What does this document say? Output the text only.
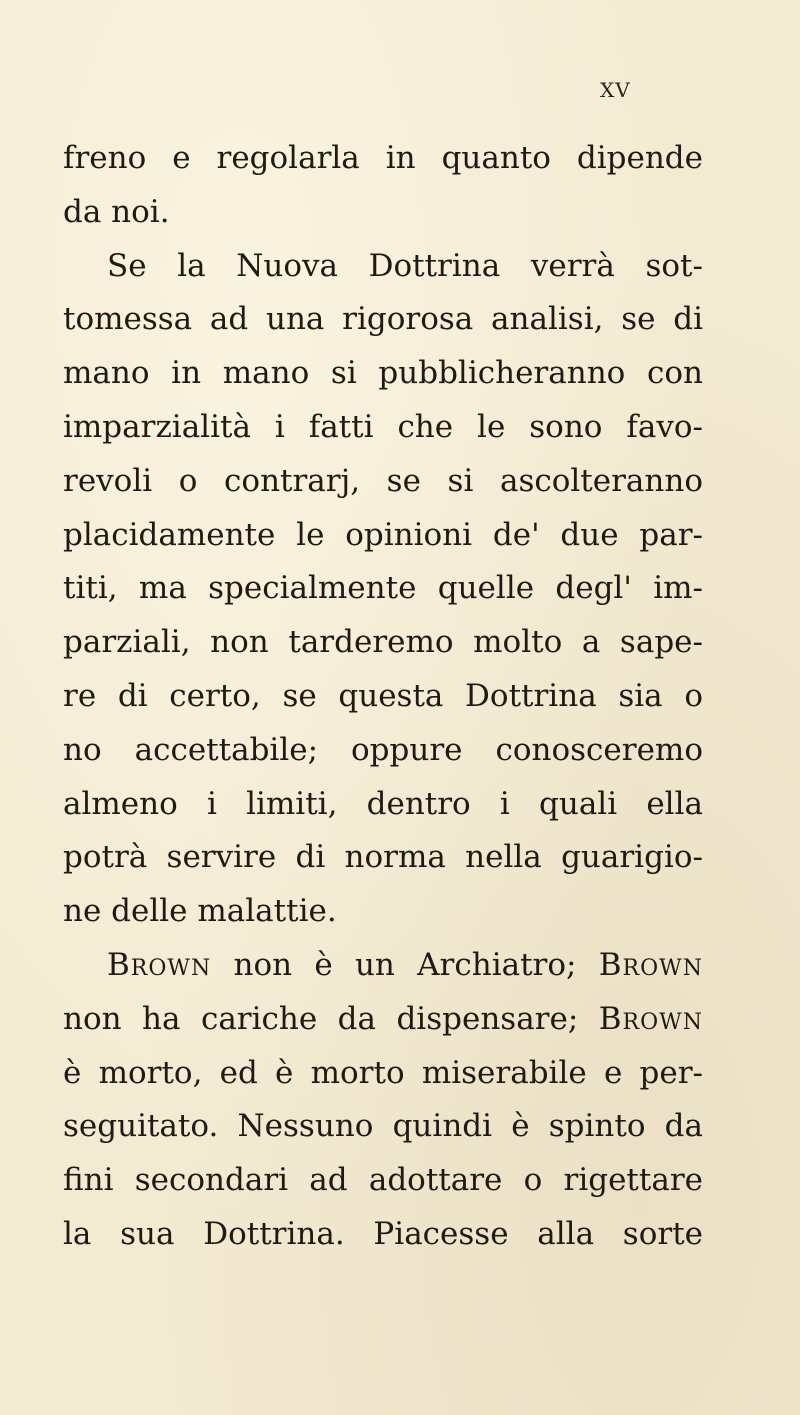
XV
freno e regolarla in quanto dipende
da noi.
Se la Nuova Dottrina verrà sot-
tomessa ad una rigorosa analisi, se di
mano in mano si pubblicheranno con
imparzialità i fatti che le sono favo-
revoli o contrarj, se si ascolteranno
placidamente le opinioni de' due par-
titi, ma specialmente quelle degl' im-
parziali, non tarderemo molto a sape-
re di certo, se questa Dottrina sia o
no accettabile; oppure conosceremo
almeno i limiti, dentro i quali ella
potrà servire di norma nella guarigio-
ne delle malattie.
Brown non è un Archiatro; Brown
non ha cariche da dispensare; Brown
è morto, ed è morto miserabile e per-
seguitato. Nessuno quindi è spinto da
fini secondari ad adottare o rigettare
la sua Dottrina. Piacesse alla sorte
